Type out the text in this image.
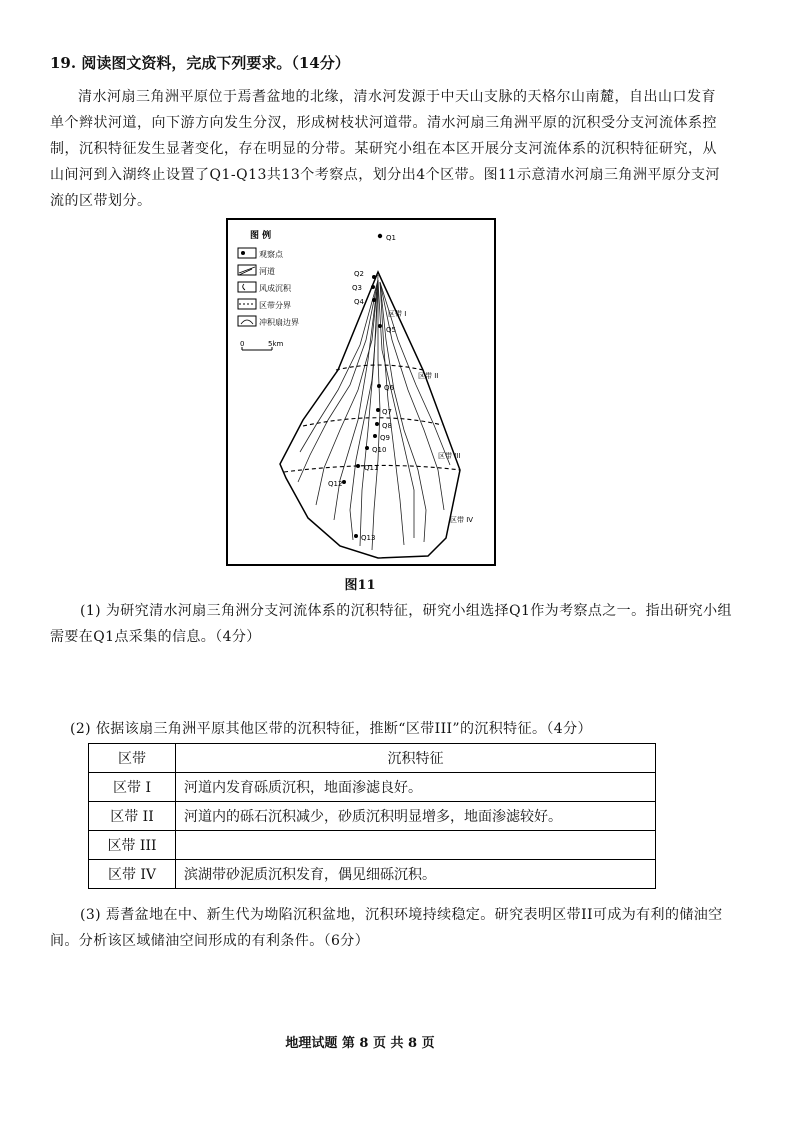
19. 阅读图文资料，完成下列要求。（14分）
清水河扇三角洲平原位于焉耆盆地的北缘，清水河发源于中天山支脉的天格尔山南麓，自出山口发育单个辫状河道，向下游方向发生分汊，形成树枝状河道带。清水河扇三角洲平原的沉积受分支河流体系控制，沉积特征发生显著变化，存在明显的分带。某研究小组在本区开展分支河流体系的沉积特征研究，从山间河到入湖终止设置了Q1-Q13共13个考察点，划分出4个区带。图11示意清水河扇三角洲平原分支河流的区带划分。
图 例
观察点
河道
风成沉积
区带分界
冲积扇边界
0	5km
Q1
Q2
Q3
Q4
Q5
Q6
Q7
Q8
Q9
Q10
Q11
Q12
Q13
区带 I
区带 II
区带 III
区带 IV
图11
(1) 为研究清水河扇三角洲分支河流体系的沉积特征，研究小组选择Q1作为考察点之一。指出研究小组需要在Q1点采集的信息。（4分）
(2) 依据该扇三角洲平原其他区带的沉积特征，推断“区带III”的沉积特征。（4分）
区带	沉积特征
区带 I	河道内发育砾质沉积，地面渗滤良好。
区带 II	河道内的砾石沉积减少，砂质沉积明显增多，地面渗滤较好。
区带 III	
区带 IV	滨湖带砂泥质沉积发育，偶见细砾沉积。
(3) 焉耆盆地在中、新生代为坳陷沉积盆地，沉积环境持续稳定。研究表明区带II可成为有利的储油空间。分析该区域储油空间形成的有利条件。（6分）
地理试题 第 8 页 共 8 页
